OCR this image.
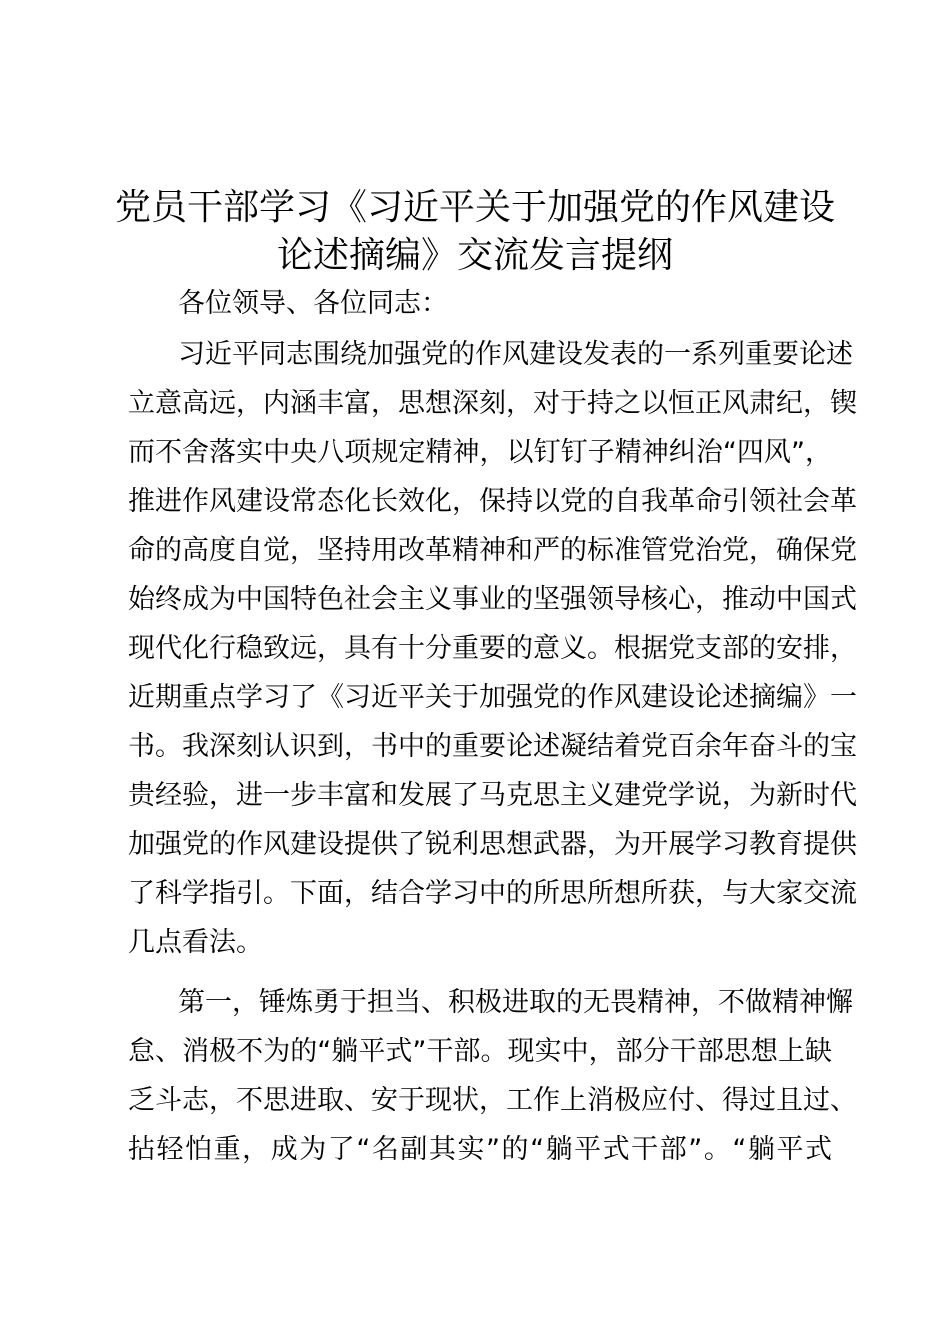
党员干部学习《习近平关于加强党的作风建设
论述摘编》交流发言提纲
各位领导、各位同志：
习近平同志围绕加强党的作风建设发表的一系列重要论述
立意高远，内涵丰富，思想深刻，对于持之以恒正风肃纪，锲
而不舍落实中央八项规定精神，以钉钉子精神纠治“四风”，
推进作风建设常态化长效化，保持以党的自我革命引领社会革
命的高度自觉，坚持用改革精神和严的标准管党治党，确保党
始终成为中国特色社会主义事业的坚强领导核心，推动中国式
现代化行稳致远，具有十分重要的意义。根据党支部的安排，
近期重点学习了《习近平关于加强党的作风建设论述摘编》一
书。我深刻认识到，书中的重要论述凝结着党百余年奋斗的宝
贵经验，进一步丰富和发展了马克思主义建党学说，为新时代
加强党的作风建设提供了锐利思想武器，为开展学习教育提供
了科学指引。下面，结合学习中的所思所想所获，与大家交流
几点看法。
第一，锤炼勇于担当、积极进取的无畏精神，不做精神懈
怠、消极不为的“躺平式”干部。现实中，部分干部思想上缺
乏斗志，不思进取、安于现状，工作上消极应付、得过且过、
拈轻怕重，成为了“名副其实”的“躺平式干部”。“躺平式
